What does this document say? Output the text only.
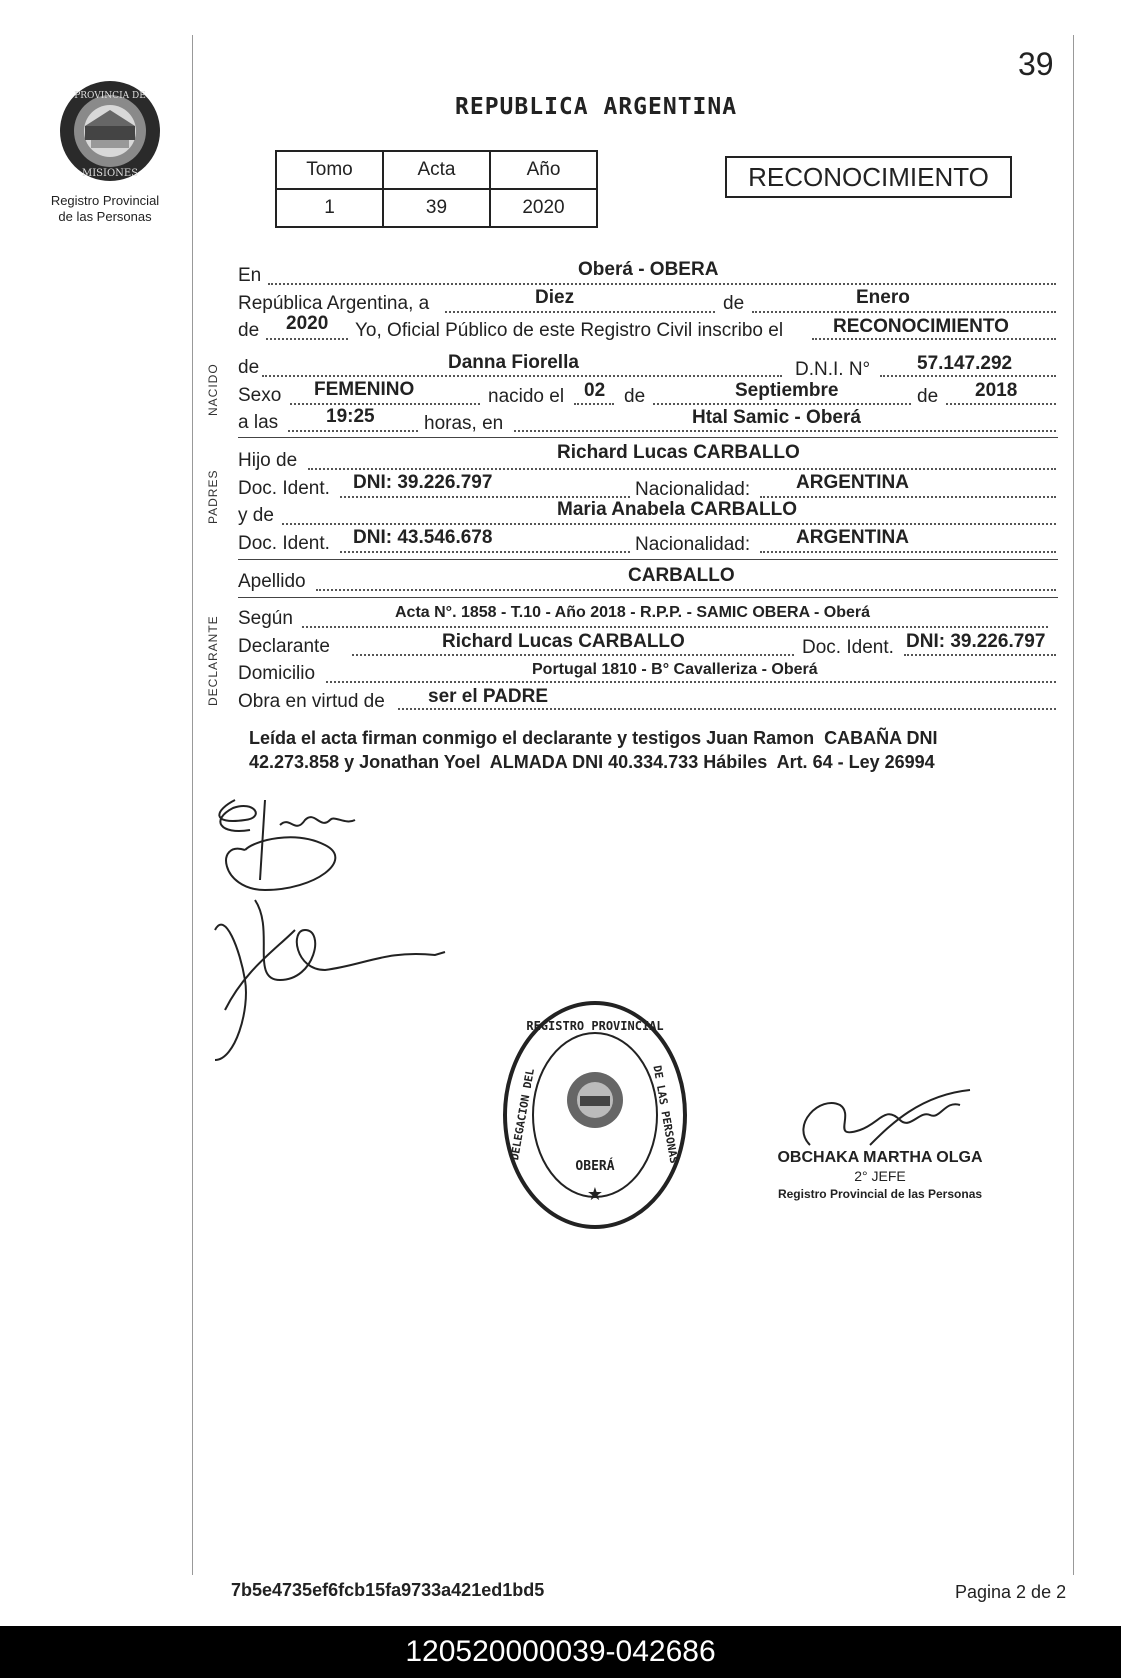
39
PROVINCIA DE
MISIONES
Registro Provincial
de las Personas
REPUBLICA ARGENTINA
Tomo	Acta	Año
1	39	2020
RECONOCIMIENTO
NACIDO
PADRES
DECLARANTE
En	Oberá - OBERA
República Argentina, a	Diez	de	Enero
de 2020 Yo, Oficial Público de este Registro Civil inscribo el	RECONOCIMIENTO
de	Danna Fiorella	D.N.I. N° 57.147.292
Sexo FEMENINO	nacido el 02 de	Septiembre	de 2018
a las	19:25	horas, en	Htal Samic - Oberá
Hijo de	Richard Lucas CARBALLO
Doc. Ident. DNI: 39.226.797	Nacionalidad: ARGENTINA
y de	Maria Anabela CARBALLO
Doc. Ident. DNI: 43.546.678	Nacionalidad: ARGENTINA
Apellido	CARBALLO
Según	Acta N°. 1858 - T.10 - Año 2018 - R.P.P. - SAMIC OBERA - Oberá
Declarante	Richard Lucas CARBALLO	Doc. Ident. DNI: 39.226.797
Domicilio	Portugal 1810 - B° Cavalleriza - Oberá
Obra en virtud de ser el PADRE
Leída el acta firman conmigo el declarante y testigos Juan Ramon  CABAÑA DNI
42.273.858 y Jonathan Yoel  ALMADA DNI 40.334.733 Hábiles  Art. 64 - Ley 26994
OBERÁ
★
REGISTRO PROVINCIAL
DE LAS PERSONAS
DELEGACION DEL	OBCHAKA MARTHA OLGA
2° JEFE
Registro Provincial de las Personas
7b5e4735ef6fcb15fa9733a421ed1bd5	Pagina 2 de 2
120520000039-042686
